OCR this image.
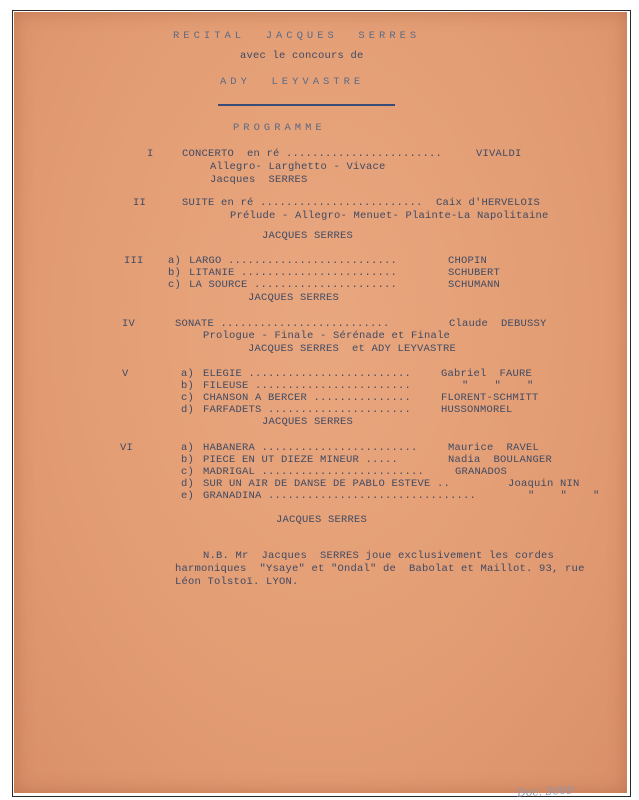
RECITAL  JACQUES  SERRES

avec le concours de

ADY  LEYVASTRE

PROGRAMME

I	CONCERTO  en ré ........................	VIVALDI

Allegro- Larghetto - Vivace

Jacques  SERRES

II	SUITE en ré ......................... Caix d'HERVELOIS

Prélude - Allegro- Menuet- Plainte-La Napolitaine

JACQUES SERRES

III a) LARGO ..........................	CHOPIN

b) LITANIE ........................	SCHUBERT

c) LA SOURCE ......................	SCHUMANN

JACQUES SERRES

IV	SONATE ..........................	Claude  DEBUSSY

Prologue - Finale - Sérénade et Finale

JACQUES SERRES  et ADY LEYVASTRE

V	a) ELEGIE .........................	Gabriel  FAURE

b) FILEUSE ........................	"    "    "

c) CHANSON A BERCER ...............	FLORENT-SCHMITT

d) FARFADETS ......................	HUSSONMOREL

JACQUES SERRES

VI	a) HABANERA ........................	Maurice  RAVEL

b) PIECE EN UT DIEZE MINEUR .....	Nadia  BOULANGER

c) MADRIGAL .........................	GRANADOS

d) SUR UN AIR DE DANSE DE PABLO ESTEVE ..	Joaquin NIN

e) GRANADINA ................................	"    "    "

JACQUES SERRES

N.B. Mr  Jacques  SERRES joue exclusivement les cordes

harmoniques  "Ysaye" et "Ondal" de  Babolat et Maillot. 93, rue

Léon Tolstoï. LYON.

Doc. 5009
